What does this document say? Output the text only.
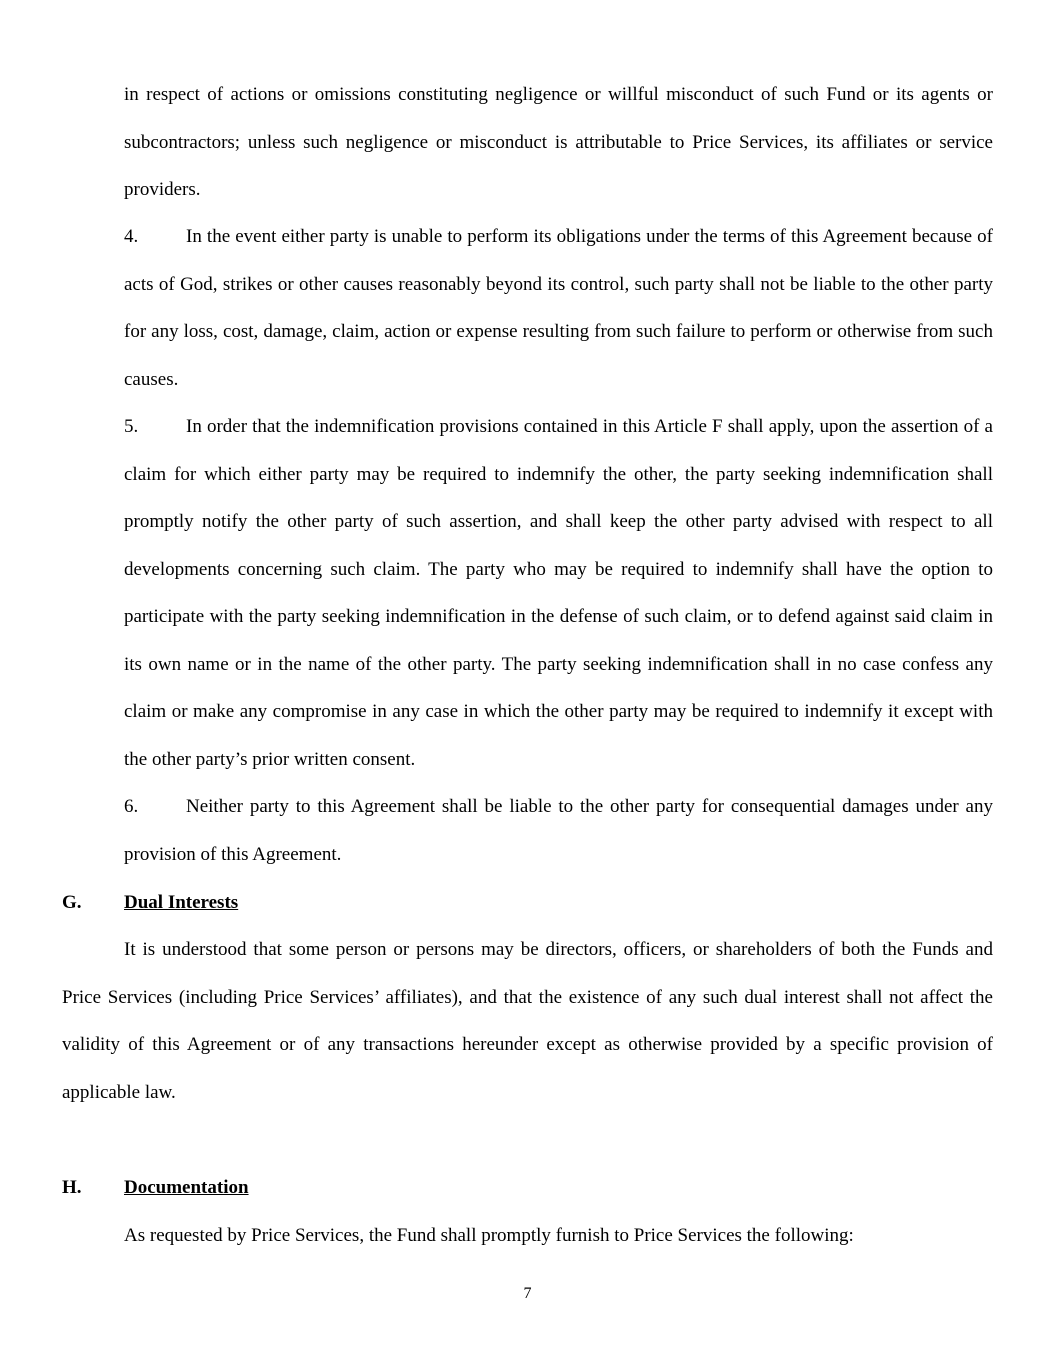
in respect of actions or omissions constituting negligence or willful misconduct of such Fund or its agents or subcontractors; unless such negligence or misconduct is attributable to Price Services, its affiliates or service providers.

4.	In the event either party is unable to perform its obligations under the terms of this Agreement because of acts of God, strikes or other causes reasonably beyond its control, such party shall not be liable to the other party for any loss, cost, damage, claim, action or expense resulting from such failure to perform or otherwise from such causes.

5.	In order that the indemnification provisions contained in this Article F shall apply, upon the assertion of a claim for which either party may be required to indemnify the other, the party seeking indemnification shall promptly notify the other party of such assertion, and shall keep the other party advised with respect to all developments concerning such claim. The party who may be required to indemnify shall have the option to participate with the party seeking indemnification in the defense of such claim, or to defend against said claim in its own name or in the name of the other party. The party seeking indemnification shall in no case confess any claim or make any compromise in any case in which the other party may be required to indemnify it except with the other party’s prior written consent.

6.	Neither party to this Agreement shall be liable to the other party for consequential damages under any provision of this Agreement.

G. Dual Interests

It is understood that some person or persons may be directors, officers, or shareholders of both the Funds and Price Services (including Price Services’ affiliates), and that the existence of any such dual interest shall not affect the validity of this Agreement or of any transactions hereunder except as otherwise provided by a specific provision of applicable law.

H. Documentation

As requested by Price Services, the Fund shall promptly furnish to Price Services the following:

7
